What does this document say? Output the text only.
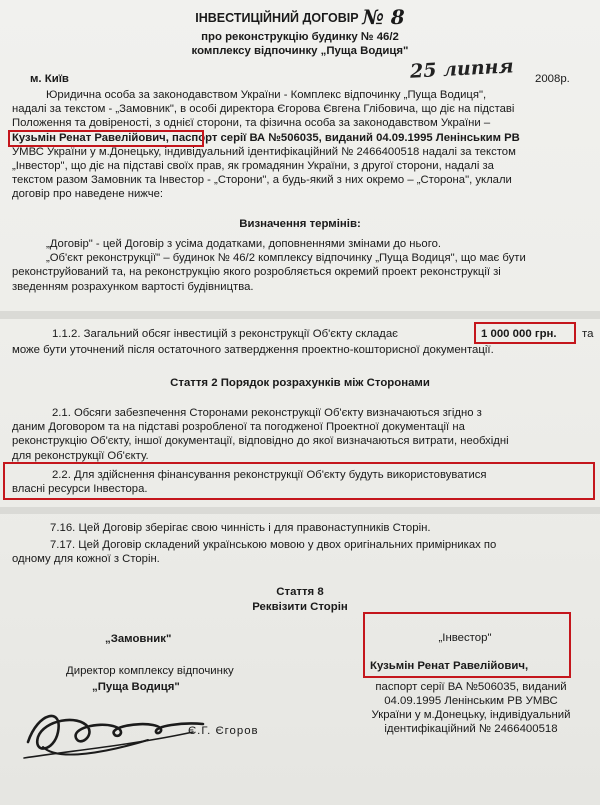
ІНВЕСТИЦІЙНИЙ ДОГОВІР № 8
про реконструкцію будинку № 46/2
комплексу відпочинку „Пуща Водиця"
м. Київ	25 липня 2008р.
Юридична особа за законодавством України - Комплекс відпочинку „Пуща Водиця",
надалі за текстом - „Замовник", в особі директора Єгорова Євгена Глібовича, що діє на підставі
Положення та довіреності, з однієї сторони, та фізична особа за законодавством України –
Кузьмін Ренат Равелійович, паспорт серії ВА №506035, виданий 04.09.1995 Ленінським РВ
УМВС України у м.Донецьку, індивідуальний ідентифікаційний № 2466400518 надалі за текстом
„Інвестор", що діє на підставі своїх прав, як громадянин України, з другої сторони, надалі за
текстом разом Замовник та Інвестор - „Сторони", а будь-який з них окремо – „Сторона", уклали
договір про наведене нижче:
Визначення термінів:
„Договір" - цей Договір з усіма додатками, доповненнями змінами до нього.
„Об'єкт реконструкції" – будинок № 46/2 комплексу відпочинку „Пуща Водиця", що має бути
реконструйований та, на реконструкцію якого розробляється окремий проект реконструкції зі
зведенням розрахунком вартості будівництва.
1.1.2. Загальний обсяг інвестицій з реконструкції Об'єкту складає	1 000 000 грн. та
може бути уточнений після остаточного затвердження проектно-кошторисної документації.
Стаття 2 Порядок розрахунків між Сторонами
2.1. Обсяги забезпечення Сторонами реконструкції Об'єкту визначаються згідно з
даним Договором та на підставі розробленої та погодженої Проектної документації на
реконструкцію Об'єкту, іншої документації, відповідно до якої визначаються витрати, необхідні
для реконструкції Об'єкту.
2.2. Для здійснення фінансування реконструкції Об'єкту будуть використовуватися
власні ресурси Інвестора.
7.16. Цей Договір зберігає свою чинність і для правонаступників Сторін.
7.17. Цей Договір складений українською мовою у двох оригінальних примірниках по
одному для кожної з Сторін.
Стаття 8
Реквізити Сторін
„Замовник"
Директор комплексу відпочинку
„Пуща Водиця"
Є.Г. Єгоров
„Інвестор"
Кузьмін Ренат Равелійович,
паспорт серії ВА №506035, виданий
04.09.1995 Ленінським РВ УМВС
України у м.Донецьку, індивідуальний
ідентифікаційний № 2466400518
